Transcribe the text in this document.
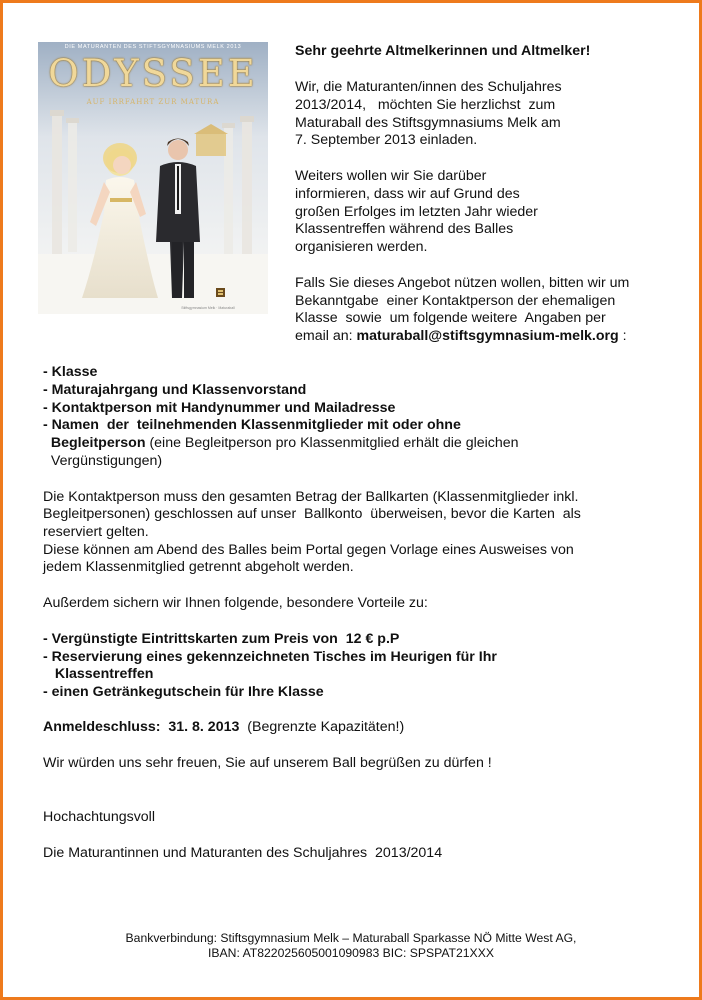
DIE MATURANTEN DES STIFTSGYMNASIUMS MELK 2013
ODYSSEE
AUF IRRFAHRT ZUR MATURA
Stiftsgymnasium Melk · Maturaball

Sehr geehrte Altmelkerinnen und Altmelker!

Wir, die Maturanten/innen des Schuljahres

2013/2014,   möchten Sie herzlichst  zum

Maturaball des Stiftsgymnasiums Melk am

7. September 2013 einladen.

Weiters wollen wir Sie darüber

informieren, dass wir auf Grund des

großen Erfolges im letzten Jahr wieder

Klassentreffen während des Balles

organisieren werden.

Falls Sie dieses Angebot nützen wollen, bitten wir um

Bekanntgabe  einer Kontaktperson der ehemaligen

Klasse  sowie  um folgende weitere  Angaben per

email an: maturaball@stiftsgymnasium-melk.org :

- Klasse

- Maturajahrgang und Klassenvorstand

- Kontaktperson mit Handynummer und Mailadresse

- Namen  der  teilnehmenden Klassenmitglieder mit oder ohne

Begleitperson (eine Begleitperson pro Klassenmitglied erhält die gleichen

Vergünstigungen)

Die Kontaktperson muss den gesamten Betrag der Ballkarten (Klassenmitglieder inkl.

Begleitpersonen) geschlossen auf unser  Ballkonto  überweisen, bevor die Karten  als

reserviert gelten.

Diese können am Abend des Balles beim Portal gegen Vorlage eines Ausweises von

jedem Klassenmitglied getrennt abgeholt werden.

Außerdem sichern wir Ihnen folgende, besondere Vorteile zu:

- Vergünstigte Eintrittskarten zum Preis von  12 € p.P

- Reservierung eines gekennzeichneten Tisches im Heurigen für Ihr

Klassentreffen

- einen Getränkegutschein für Ihre Klasse

Anmeldeschluss:  31. 8. 2013  (Begrenzte Kapazitäten!)

Wir würden uns sehr freuen, Sie auf unserem Ball begrüßen zu dürfen !

Hochachtungsvoll

Die Maturantinnen und Maturanten des Schuljahres  2013/2014

Bankverbindung: Stiftsgymnasium Melk – Maturaball Sparkasse NÖ Mitte West AG,
IBAN: AT822025605001090983 BIC: SPSPAT21XXX
